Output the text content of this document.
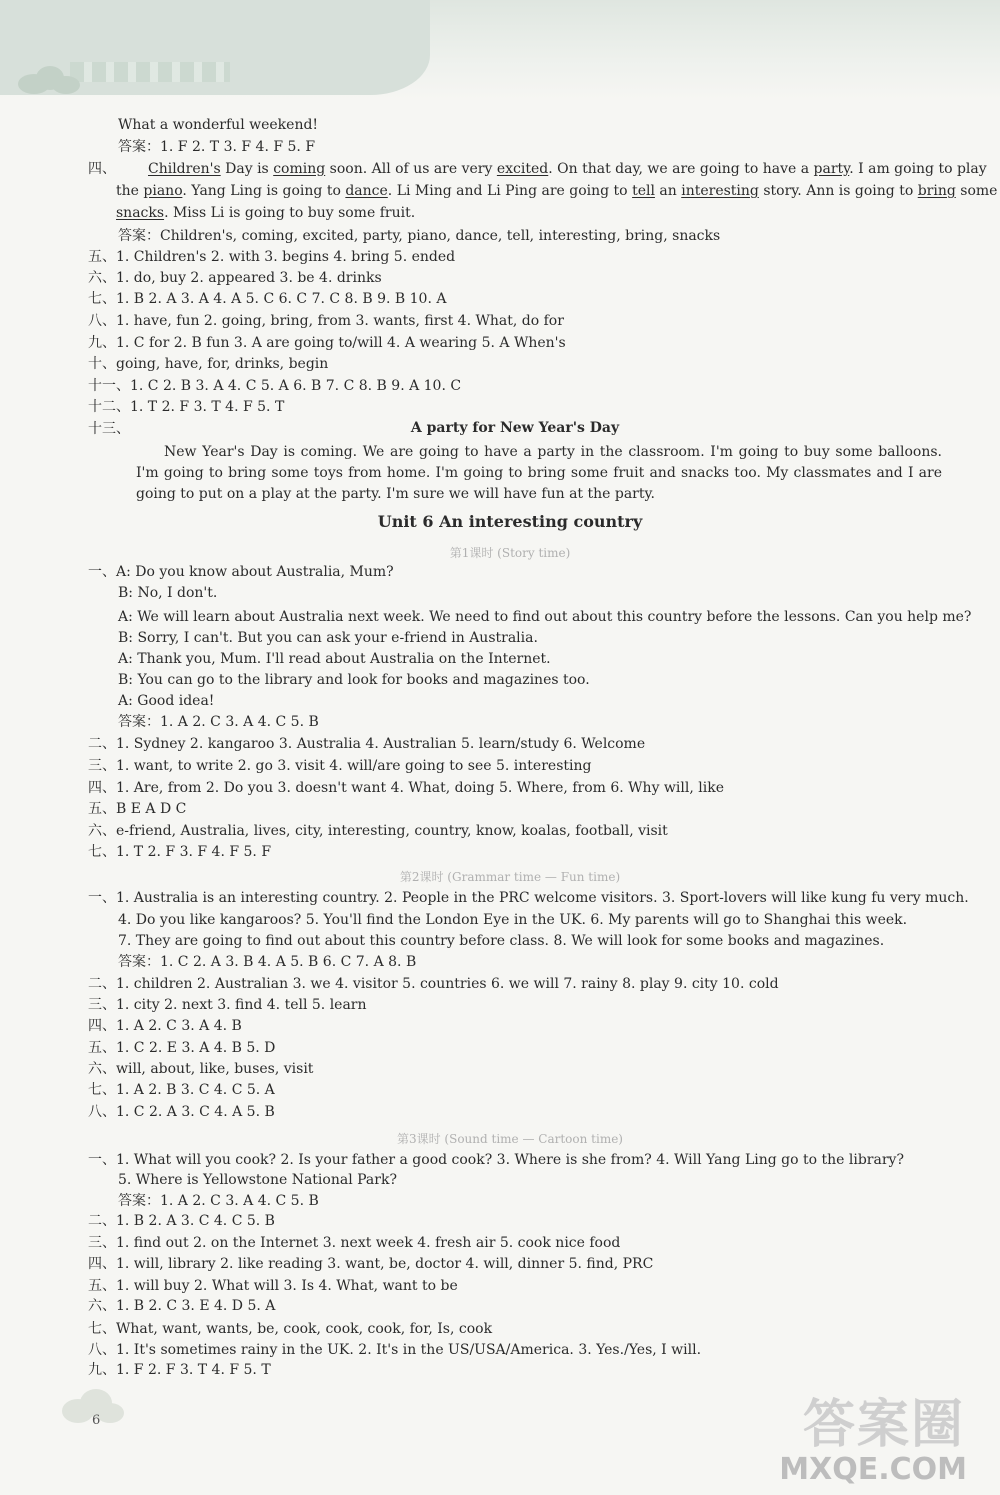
What a wonderful weekend!
答案：1. F 2. T 3. F 4. F 5. F
四、 Children's Day is coming soon. All of us are very excited. On that day, we are going to have a party. I am going to play
the piano. Yang Ling is going to dance. Li Ming and Li Ping are going to tell an interesting story. Ann is going to bring some
snacks. Miss Li is going to buy some fruit.
答案：Children's, coming, excited, party, piano, dance, tell, interesting, bring, snacks
五、1. Children's 2. with 3. begins 4. bring 5. ended
六、1. do, buy 2. appeared 3. be 4. drinks
七、1. B 2. A 3. A 4. A 5. C 6. C 7. C 8. B 9. B 10. A
八、1. have, fun 2. going, bring, from 3. wants, first 4. What, do for
九、1. C for 2. B fun 3. A are going to/will 4. A wearing 5. A When's
十、going, have, for, drinks, begin
十一、1. C 2. B 3. A 4. C 5. A 6. B 7. C 8. B 9. A 10. C
十二、1. T 2. F 3. T 4. F 5. T
十三、	A party for New Year's Day
New Year's Day is coming. We are going to have a party in the classroom. I'm going to buy some balloons. I'm going to bring some toys from home. I'm going to bring some fruit and snacks too. My classmates and I are going to put on a play at the party. I'm sure we will have fun at the party.
Unit 6 An interesting country
第1课时 (Story time)
一、A: Do you know about Australia, Mum?
B: No, I don't.
A: We will learn about Australia next week. We need to find out about this country before the lessons. Can you help me?
B: Sorry, I can't. But you can ask your e-friend in Australia.
A: Thank you, Mum. I'll read about Australia on the Internet.
B: You can go to the library and look for books and magazines too.
A: Good idea!
答案：1. A 2. C 3. A 4. C 5. B
二、1. Sydney 2. kangaroo 3. Australia 4. Australian 5. learn/study 6. Welcome
三、1. want, to write 2. go 3. visit 4. will/are going to see 5. interesting
四、1. Are, from 2. Do you 3. doesn't want 4. What, doing 5. Where, from 6. Why will, like
五、B E A D C
六、e-friend, Australia, lives, city, interesting, country, know, koalas, football, visit
七、1. T 2. F 3. F 4. F 5. F
第2课时 (Grammar time — Fun time)
一、1. Australia is an interesting country. 2. People in the PRC welcome visitors. 3. Sport-lovers will like kung fu very much.
4. Do you like kangaroos? 5. You'll find the London Eye in the UK. 6. My parents will go to Shanghai this week.
7. They are going to find out about this country before class. 8. We will look for some books and magazines.
答案：1. C 2. A 3. B 4. A 5. B 6. C 7. A 8. B
二、1. children 2. Australian 3. we 4. visitor 5. countries 6. we will 7. rainy 8. play 9. city 10. cold
三、1. city 2. next 3. find 4. tell 5. learn
四、1. A 2. C 3. A 4. B
五、1. C 2. E 3. A 4. B 5. D
六、will, about, like, buses, visit
七、1. A 2. B 3. C 4. C 5. A
八、1. C 2. A 3. C 4. A 5. B
第3课时 (Sound time — Cartoon time)
一、1. What will you cook? 2. Is your father a good cook? 3. Where is she from? 4. Will Yang Ling go to the library?
5. Where is Yellowstone National Park?
答案：1. A 2. C 3. A 4. C 5. B
二、1. B 2. A 3. C 4. C 5. B
三、1. find out 2. on the Internet 3. next week 4. fresh air 5. cook nice food
四、1. will, library 2. like reading 3. want, be, doctor 4. will, dinner 5. find, PRC
五、1. will buy 2. What will 3. Is 4. What, want to be
六、1. B 2. C 3. E 4. D 5. A
七、What, want, wants, be, cook, cook, cook, for, Is, cook
八、1. It's sometimes rainy in the UK. 2. It's in the US/USA/America. 3. Yes./Yes, I will.
九、1. F 2. F 3. T 4. F 5. T
6	答案圈
MXQE.COM
